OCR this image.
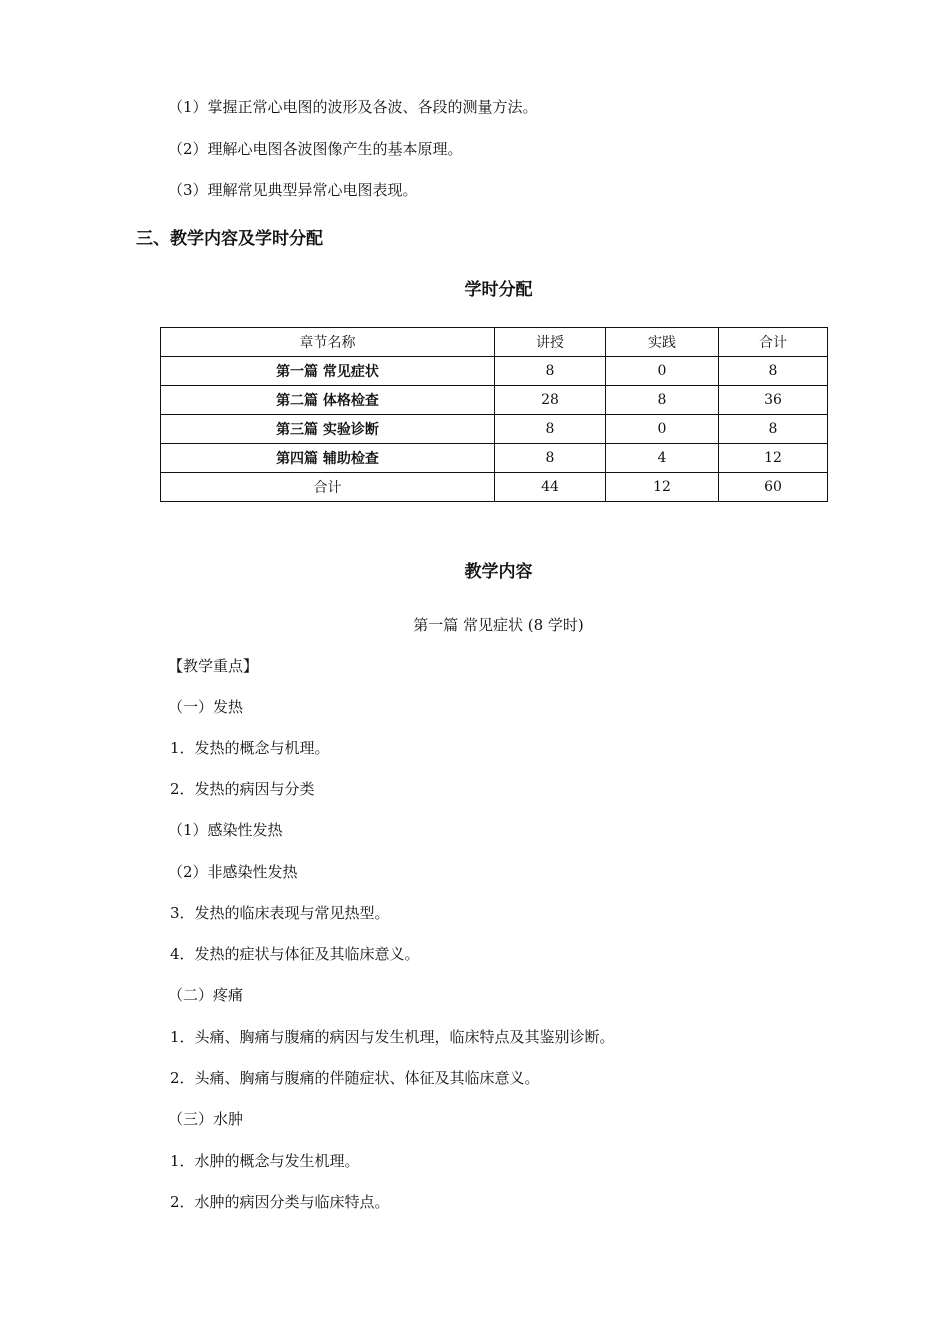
（1）掌握正常心电图的波形及各波、各段的测量方法。
（2）理解心电图各波图像产生的基本原理。
（3）理解常见典型异常心电图表现。
三、教学内容及学时分配
学时分配
章节名称	讲授	实践	合计
第一篇 常见症状	8	0	8
第二篇 体格检查	28	8	36
第三篇 实验诊断	8	0	8
第四篇 辅助检查	8	4	12
合计	44	12	60
教学内容
第一篇 常见症状 (8 学时)
【教学重点】
（一）发热
1．发热的概念与机理。
2．发热的病因与分类
（1）感染性发热
（2）非感染性发热
3．发热的临床表现与常见热型。
4．发热的症状与体征及其临床意义。
（二）疼痛
1．头痛、胸痛与腹痛的病因与发生机理，临床特点及其鉴别诊断。
2．头痛、胸痛与腹痛的伴随症状、体征及其临床意义。
（三）水肿
1．水肿的概念与发生机理。
2．水肿的病因分类与临床特点。
